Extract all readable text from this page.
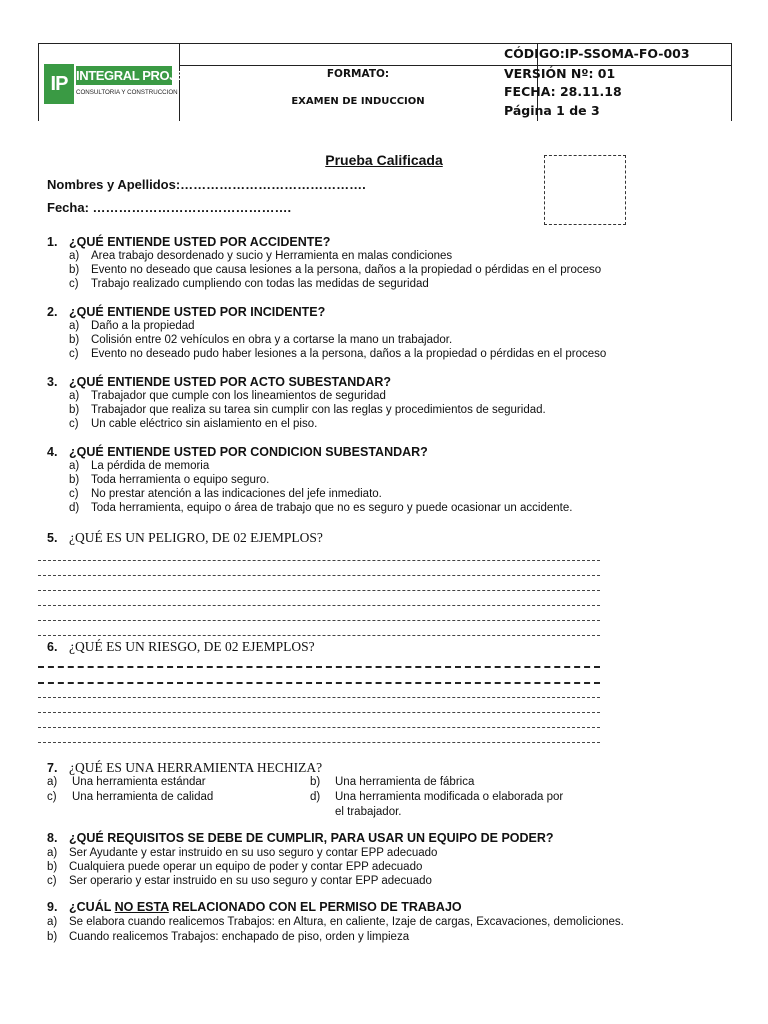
IP INTEGRAL PROJECT
CONSULTORIA Y CONSTRUCCION
FORMATO:
EXAMEN DE INDUCCION
CÓDIGO:IP-SSOMA-FO-003
VERSIÓN Nº: 01
FECHA: 28.11.18
Página 1 de 3
Prueba Calificada
Nombres y Apellidos:…………………………………….
Fecha: ……………………………………….
1. ¿QUÉ ENTIENDE USTED POR ACCIDENTE?
a) Area trabajo desordenado y sucio y Herramienta en malas condiciones
b) Evento no deseado que causa lesiones a la persona, daños a la propiedad o pérdidas en el proceso
c) Trabajo realizado cumpliendo con todas las medidas de seguridad
2. ¿QUÉ ENTIENDE USTED POR INCIDENTE?
a) Daño a la propiedad
b) Colisión entre 02 vehículos en obra y a cortarse la mano un trabajador.
c) Evento no deseado pudo haber lesiones a la persona, daños a la propiedad o pérdidas en el proceso
3. ¿QUÉ ENTIENDE USTED POR ACTO SUBESTANDAR?
a) Trabajador que cumple con los lineamientos de seguridad
b) Trabajador que realiza su tarea sin cumplir con las reglas y procedimientos de seguridad.
c) Un cable eléctrico sin aislamiento en el piso.
4. ¿QUÉ ENTIENDE USTED POR CONDICION SUBESTANDAR?
a) La pérdida de memoria
b) Toda herramienta o equipo seguro.
c) No prestar atención a las indicaciones del jefe inmediato.
d) Toda herramienta, equipo o área de trabajo que no es seguro y puede ocasionar un accidente.
5. ¿QUÉ ES UN PELIGRO, DE 02 EJEMPLOS?
6. ¿QUÉ ES UN RIESGO, DE 02 EJEMPLOS?
7. ¿QUÉ ES UNA HERRAMIENTA HECHIZA?
a) Una herramienta estándar	b) Una herramienta de fábrica
c) Una herramienta de calidad	d) Una herramienta modificada o elaborada por
el trabajador.
8. ¿QUÉ REQUISITOS SE DEBE DE CUMPLIR, PARA USAR UN EQUIPO DE PODER?
a) Ser Ayudante y estar instruido en su uso seguro y contar EPP adecuado
b) Cualquiera puede operar un equipo de poder y contar EPP adecuado
c) Ser operario y estar instruido en su uso seguro y contar EPP adecuado
9. ¿CUÁL NO ESTA RELACIONADO CON EL PERMISO DE TRABAJO
a) Se elabora cuando realicemos Trabajos: en Altura, en caliente, Izaje de cargas, Excavaciones, demoliciones.
b) Cuando realicemos Trabajos: enchapado de piso, orden y limpieza
